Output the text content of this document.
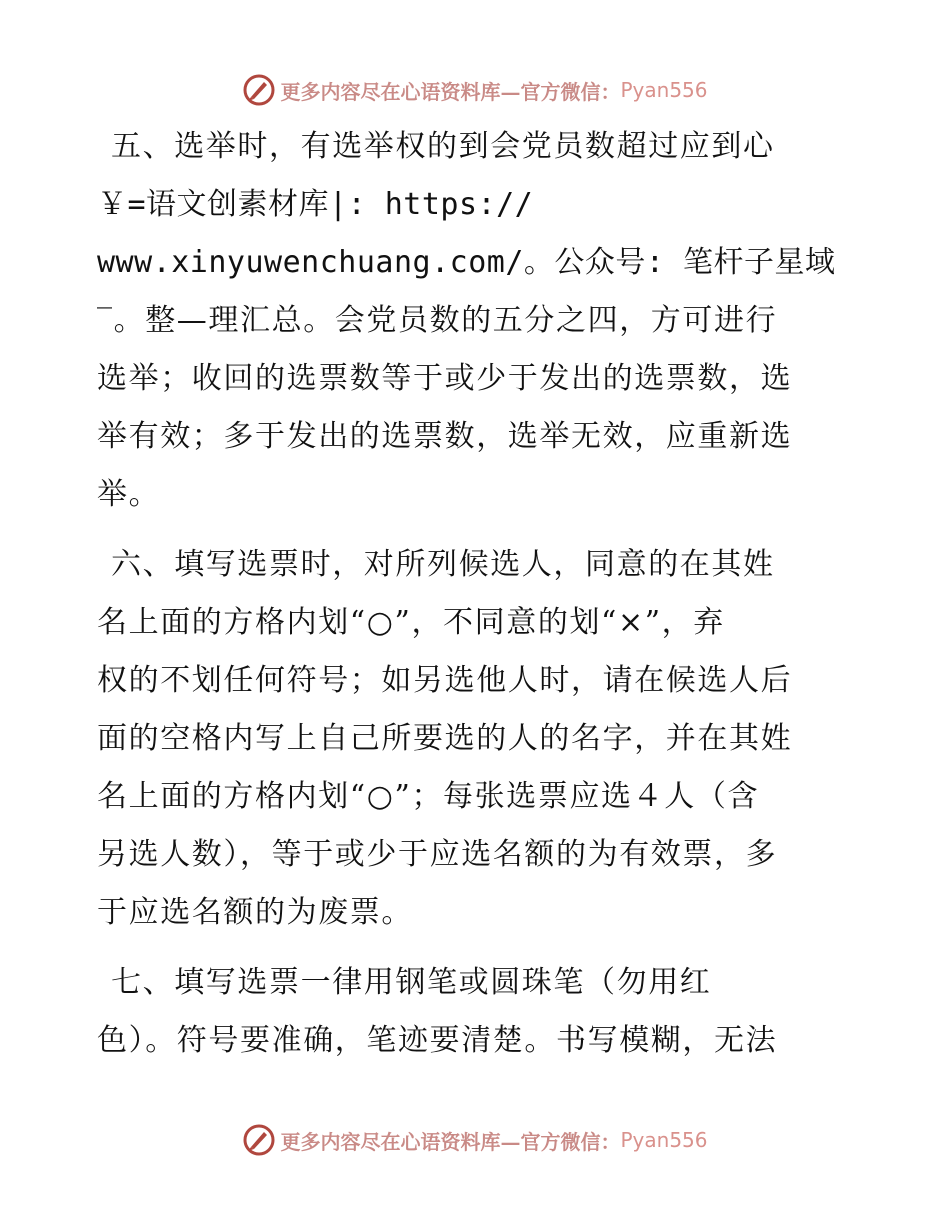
更多内容尽在心语资料库—官方微信： Pyan556
五、选举时，有选举权的到会党员数超过应到心
￥=语文创素材库|: https://
www.xinyuwenchuang.com/。公众号: 笔杆子星域
‾。整—理汇总。会党员数的五分之四，方可进行
选举；收回的选票数等于或少于发出的选票数，选
举有效；多于发出的选票数，选举无效，应重新选
举。
六、填写选票时，对所列候选人，同意的在其姓
名上面的方格内划“○”，不同意的划“×”，弃
权的不划任何符号；如另选他人时，请在候选人后
面的空格内写上自己所要选的人的名字，并在其姓
名上面的方格内划“○”；每张选票应选４人（含
另选人数），等于或少于应选名额的为有效票，多
于应选名额的为废票。
七、填写选票一律用钢笔或圆珠笔（勿用红
色）。符号要准确，笔迹要清楚。书写模糊，无法
更多内容尽在心语资料库—官方微信： Pyan556
